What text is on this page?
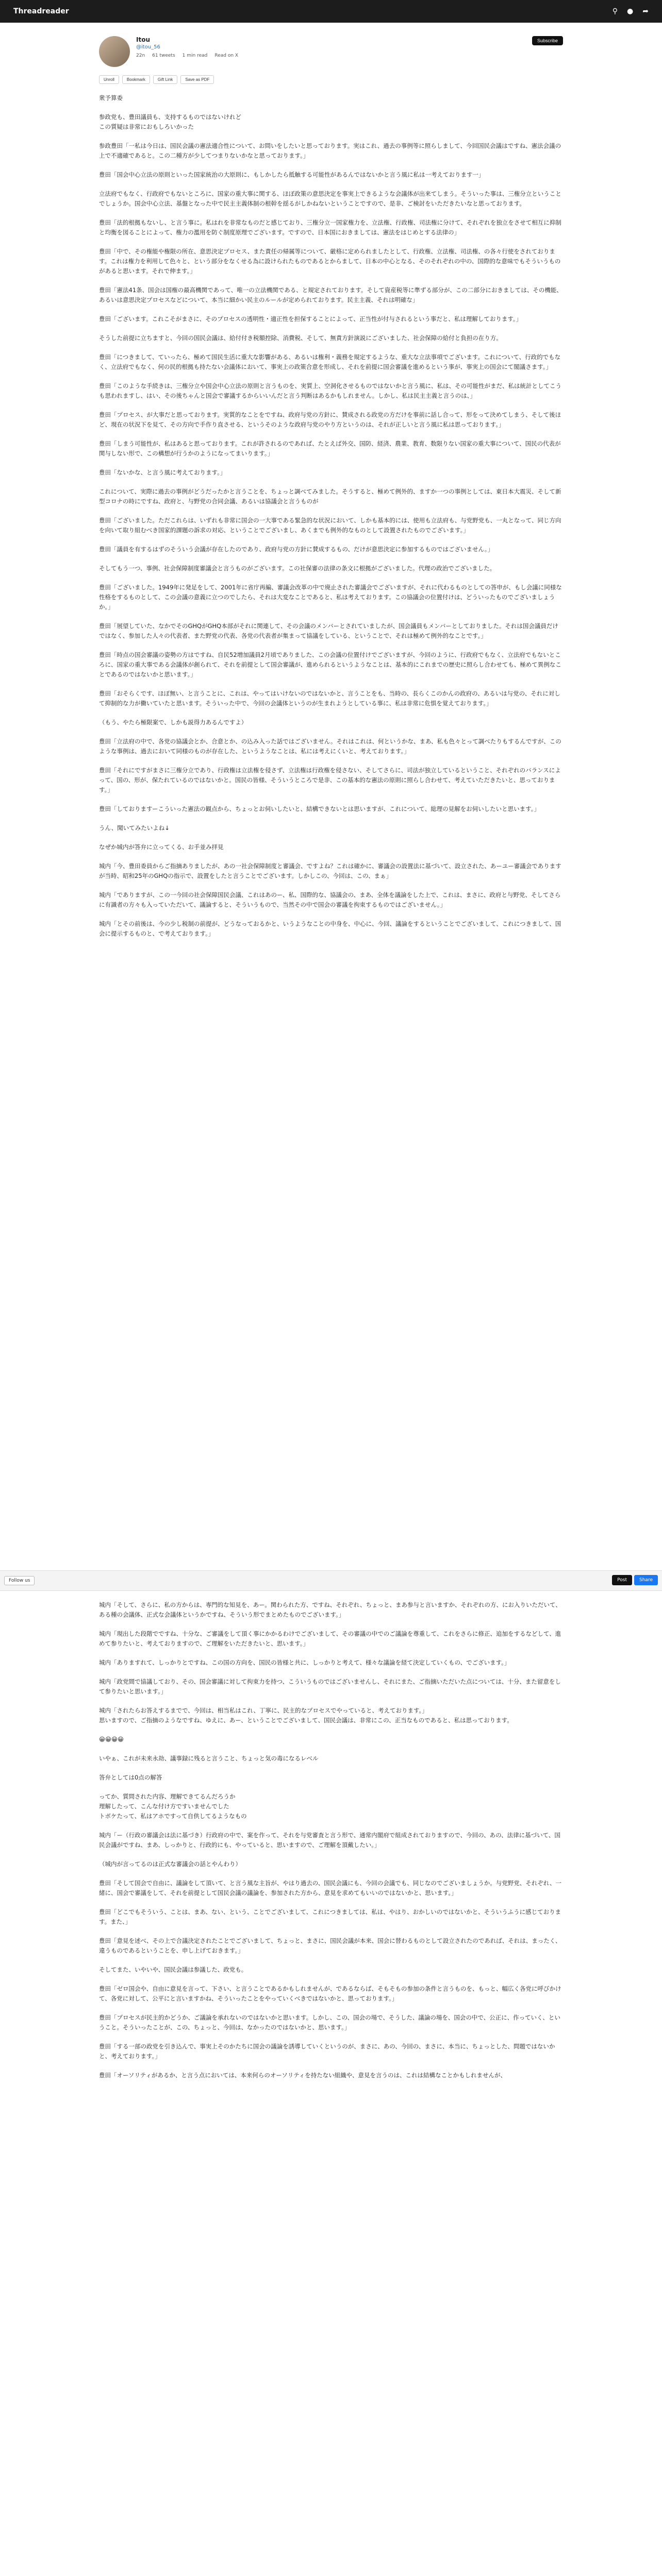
Threadreader	⚲ ● ➦
Itou
@itou_56
22n 61 tweets 1 min read Read on X
Subscribe
Unroll	Bookmark	Gift Link	Save as PDF
衆予算委
参政党も、豊田議員も、支持するものではないけれど
この質疑は非常におもしろいかった
参政豊田「一私は今日は、国民会議の憲法適合性について、お問いをしたいと思っております。実はこれ、過去の事例等に照らしまして、今回国民会議はですね、憲法会議の上で不適確であると。この二種方が少してつまりないかなと思っております。」
豊田「国会中心立法の原則といった国家統治の大原則に、もしかしたら抵触する可能性があるんではないかと言う風に私は一考えております一」
立法府でもなく、行政府でもないところに、国家の重大事に関する、ほぼ政策の意思決定を事実上できるような会議体が出来てしまう。そういった事は、三権分立ということでしょうか。国会中心立法、基盤となった中で民主主義体制の根幹を揺るがしかねないということですので、是非、ご検討をいただきたいなと思っております。
豊田「法的根拠もないし、と言う事に。私はれを非常なものだと感じており、三権分立一国家権力を、立法権、行政権、司法権に分けて、それぞれを独立をさせて相互に抑制と均衡を図ることによって、権力の濫用を防ぐ制度原理でございます。ですので、日本国におきましては、憲法をはじめとする法律の」
豊田「中で、その権能や権限の所在、意思決定プロセス、また責任の帰属等について、厳格に定められましたとして、行政権、立法権、司法権、の各々行使をされております。これは権力を利用して色々と、という部分をなくせる為に設けられたものであるとからまして、日本の中心となる、そのそれぞれの中の、国際的な意味でもそういうものがあると思います。それで伸ます。」
豊田「憲法41条、国会は国権の最高機関であって、唯一の立法機関である、と規定されております。そして資産税等に準ずる部分が、この二部分におきましては、その機能、あるいは意思決定プロセスなどについて、本当に細かい民主のルールが定められております。民主主義、それは明確な」
豊田「ございます。これこそがまさに、そのプロセスの透明性・適正性を担保することによって、正当性が付与されるという事だと、私は理解しております。」
そうした前提に立ちますと、今回の国民会議は、給付付き税額控除、消費税、そして、無責方針演説にございました、社会保障の給付と負担の在り方。
豊田「につきまして、ていったら、極めて国民生活に重大な影響がある、あるいは権利・義務を規定するような、重大な立法事項でございます。これについて、行政的でもなく、立法府でもなく、何の民的根拠も持たない会議体において、事実上の政策合意を形成し、それを前提に国会審議を進めるという事が、事実上の国会にて閣議さます。」
豊田「このような手続きは、三権分立や国会中心立法の原則と言うものを、実質上、空洞化させるものではないかと言う風に、私は、その可能性がまだ、私は統計としてこうも思われますし、はい、その後ちゃんと国会で審議するからいいんだと言う判断はあるかもしれません。しかし、私は民主主義と言うのは、」
豊田「プロセス、が大事だと思っております。実質的なことをですね、政府与党の方針に、賛成される政党の方だけを事前に話し合って、形をって決めてしまう、そして後ほど、現在の状況下を見て、その方向で手作り直させる、というそのような政府与党のやり方というのは、それが正しいと言う風に私は思っております。」
豊田「しまう可能性が、私はあると思っております。これが許されるのであれば、たとえば外交、国防、経済、農業、教育、数限りない国家の重大事について、国民の代表が関与しない形で、この構想が行うかのようになってまいります。」
豊田「ないかな、と言う風に考えております。」
これについて、実際に過去の事例がどうだったかと言うことを、ちょっと調べてみました。そうすると、極めて例外的、ますか一つの事例としては、東日本大震災、そして新型コロナの時にですね、政府と、与野党の合同会議、あるいは協議会と言うものが
豊田「ございました。ただこれらは、いずれも非常に国会の一大事である緊急的な状況において、しかも基本的には、使用も立法府も、与党野党も、一丸となって、同じ方向を向いて取り組むべき国家的課題の訴求の対応、ということでございまし、あくまでも例外的なものとして設置されたものでございます。」
豊田「議員を有するはずのそういう会議が存在したのであり、政府与党の方針に賛成するもの、だけが意思決定に参加するものではございません。」
そしてもう一つ、事例、社会保障制度審議会と言うものがございます。この社保審の法律の条文に根拠がございました。代理の政治でございました。
豊田「ございました。1949年に発足をして、2001年に省庁再編、審議会改革の中で廃止された審議会でございますが、それに代わるものとしての答申が、もし会議に同様な性格をするものとして、この会議の意義に立つのでしたら、それは大変なことであると、私は考えております。この協議会の位置付けは、どういったものでございましょうか。」
豊田「展望していた、なかでそのGHQがGHQ本部がそれに関連して、その会議のメンバーとされていましたが、国会議員もメンバーとしておりました。それは国会議員だけではなく、参加した人々の代表者、また野党の代表、各党の代表者が集まって協議をしている、ということで、それは極めて例外的なことです。」
豊田「時点の国会審議の姿勢の方はですね、自民52増加議員2月頃でありました、この会議の位置付けでございますが、今回のように、行政府でもなく、立法府でもないところに、国家の重大事である会議体が創られて、それを前提として国会審議が、進められるというようなことは、基本的にこれまでの歴史に照らし合わせても、極めて異例なことであるのではないかと思います。」
豊田「おそらくです、ほぼ無い、と言うことに、これは、やってはいけないのではないかと、言うことをも、当時の、長らくこのかんの政府の、あるいは与党の、それに対して抑制的な力が働いていたと思います。そういった中で、今回の会議体というのが生まれようとしている事に、私は非常に危惧を覚えております。」
（もう、やたら極限案で、しかも説得力あるんですよ）
豊田「立法府の中で、各党の協議会とか、合意とか、の込み入った話ではございません。それはこれは、何というかな、まあ、私も色々とって調べたりもするんですが、このような事例は、過去において同様のものが存在した、というようなことは、私には考えにくいと、考えております。」
豊田「それにですがまさに三権分立であり、行政権は立法権を侵さず、立法権は行政権を侵さない、そしてさらに、司法が独立しているということ、それぞれのバランスによって、国の、形が、保たれているのではないかと。国民の皆様、そういうところで是非、この基本的な憲法の原則に照らし合わせて、考えていただきたいと、思っております。」
豊田「しておりますーこういった憲法の観点から、ちょっとお伺いしたいと、結構できないとは思いますが、これについて、総理の見解をお伺いしたいと思います。」
うん、聞いてみたいよね↓
なぜか城内が答弁に立ってくる、お手並み拝見
城内「今、豊田委員からご指摘ありましたが、あの一社会保障制度と審議会、ですよね？これは確かに、審議会の設置法に基づいて、設立された、あーユー審議会でありますが当時、昭和25年のGHQの指示で、設置をしたと言うことでございます。しかしこの、今回は、この、まぁ」
城内「でありますが、この一今回の社会保障国民会議、これはあのー、私、国際的な、協議会の、まあ、全体を議論をした上で、これは、まさに、政府と与野党、そしてさらに有識者の方々も入っていただいて、議論すると、そういうもので、当然その中で国会の審議を拘束するものではございません。」
城内「とその前後は、今の少し税制の前提が、どうなっておるかと、いうようなことの中身を、中心に、今回、議論をするということでございまして、これにつきまして、国会に提示するものと、で考えております。」
Follow us	Post	Share
城内「そして、さらに、私の方からは、専門的な知見を、あー。関わられた方、ですね、それぞれ、ちょっと、まあ参与と言いますか、それぞれの方、にお入りいただいて、ある種の会議体、正式な会議体というかですね、そういう形でまとめたものでございます。」
城内「現出した段階でですね、十分な、ご審議をして頂く事にかかるわけでございまして、その審議の中でのご議論を尊重して、これをさらに修正、追加をするなどして、進めて参りたいと、考えておりますので、ご理解をいただきたいと、思います。」
城内「ありますれて、しっかりとですね、この国の方向を、国民の皆様と共に、しっかりと考えて、様々な議論を経て決定していくもの、でございます。」
城内「政党間で協議しており、その、国会審議に対して拘束力を持つ、こういうものではございませんし、それにまた、ご指摘いただいた点については、十分、また留意をして参りたいと思います。」
城内「されたらお答えするまでで、今回は、相当私はこれ、丁寧に、民主的なプロセスでやっていると、考えております。」
思いますので、ご指摘のようなですね、ゆえに、あー、ということでございまして、国民会議は、非常にこの、正当なものであると、私は思っております。
😀😀😀😀
いやぁ、これが未来永劫、議事録に残ると言うこと、ちょっと気の毒になるレベル
答弁としては0点の解答
ってか、質問された内容、理解できてるんだろうか
理解したって、こんな付け方ですいませんでした
トボケたって、私はアホですって自供してるようなもの
城内「ー（行政の審議会は法に基づき）行政府の中で、案を作って、それを与党審査と言う形で、通常内閣府で組成されておりますので、今回の、あの、法律に基づいて、国民会議がですね、まあ、しっかりと、行政的にも、やっていると、思いますので、ご理解を頂戴したい。」
（城内が言ってるのは正式な審議会の話とやんわり）
豊田「そして国会で自由に、議論をして頂いて、と言う風な主旨が、やはり過去の、国民会議にも、今回の会議でも、同じなのでございましょうか。与党野党、それぞれ、一緒に、国会で審議をして、それを前提として国民会議の議論を、参加された方から、意見を求めてもいいのではないかと、思います。」
豊田「どこでもそういう、ことは、まあ、ない、という、ことでございまして、これにつきましては、私は、やはり、おかしいのではないかと、そういうふうに感じております。また、」
豊田「意見を述べ、その上で合議決定されたことでございまして、ちょっと、まさに、国民会議が本来、国会に替わるものとして設立されたのであれば、それは、まったく、違うものであるということを、申し上げておきます。」
そしてまた、いやいや、国民会議は参議した、政党も。
豊田「ゼロ国会や、自由に意見を言って、下さい、と言うことであるかもしれませんが、であるならば、そもそもの参加の条件と言うものを、もっと、幅広く各党に呼びかけて、各党に対して、公平にと言いますかね、そういったことをやっていくべきではないかと、思っております。」
豊田「プロセスが民主的かどうか、ご議論を承れないのではないかと思います。しかし、この、国会の場で、そうした、議論の場を、国会の中で、公正に、作っていく、ということ。そういったことが、この、ちょっと、今回は、なかったのではないかと、思います。」
豊田「する一部の政党を引き込んで、事実上そのかたちに国会の議論を誘導していくというのが、まさに、あの、今回の、まさに、本当に、ちょっとした、問題ではないかと、考えております。」
豊田「オーソリティがあるか、と言う点においては、本来何らのオーソリティを持たない組織や、意見を言うのは、これは結構なことかもしれませんが、
